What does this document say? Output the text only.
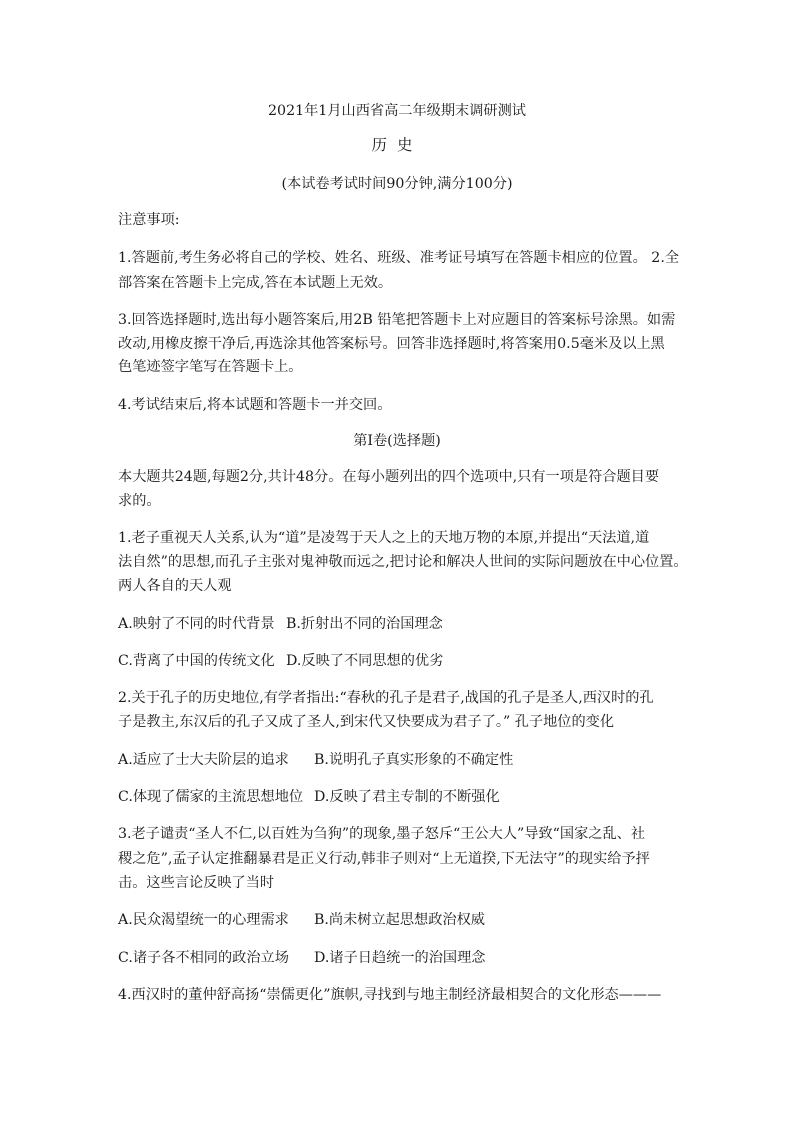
2021年1月山西省高二年级期末调研测试
历史
(本试卷考试时间90分钟,满分100分)
注意事项:
1.答题前,考生务必将自己的学校、姓名、班级、准考证号填写在答题卡相应的位置。 2.全
部答案在答题卡上完成,答在本试题上无效。
3.回答选择题时,选出每小题答案后,用2B 铅笔把答题卡上对应题目的答案标号涂黑。如需
改动,用橡皮擦干净后,再选涂其他答案标号。回答非选择题时,将答案用0.5毫米及以上黑
色笔迹签字笔写在答题卡上。
4.考试结束后,将本试题和答题卡一并交回。
第Ⅰ卷(选择题)
本大题共24题,每题2分,共计48分。在每小题列出的四个选项中,只有一项是符合题目要
求的。
1.老子重视天人关系,认为“道”是凌驾于天人之上的天地万物的本原,并提出“天法道,道
法自然”的思想,而孔子主张对鬼神敬而远之,把讨论和解决人世间的实际问题放在中心位置。
两人各自的天人观
A.映射了不同的时代背景 B.折射出不同的治国理念
C.背离了中国的传统文化 D.反映了不同思想的优劣
2.关于孔子的历史地位,有学者指出:“春秋的孔子是君子,战国的孔子是圣人,西汉时的孔
子是教主,东汉后的孔子又成了圣人,到宋代又快要成为君子了。” 孔子地位的变化
A.适应了士大夫阶层的追求 B.说明孔子真实形象的不确定性
C.体现了儒家的主流思想地位 D.反映了君主专制的不断强化
3.老子谴责“圣人不仁,以百姓为刍狗”的现象,墨子怒斥“王公大人”导致“国家之乱、社
稷之危”,孟子认定推翻暴君是正义行动,韩非子则对“上无道揆,下无法守”的现实给予抨
击。这些言论反映了当时
A.民众渴望统一的心理需求 B.尚未树立起思想政治权威
C.诸子各不相同的政治立场 D.诸子日趋统一的治国理念
4.西汉时的董仲舒高扬“崇儒更化”旗帜,寻找到与地主制经济最相契合的文化形态———
